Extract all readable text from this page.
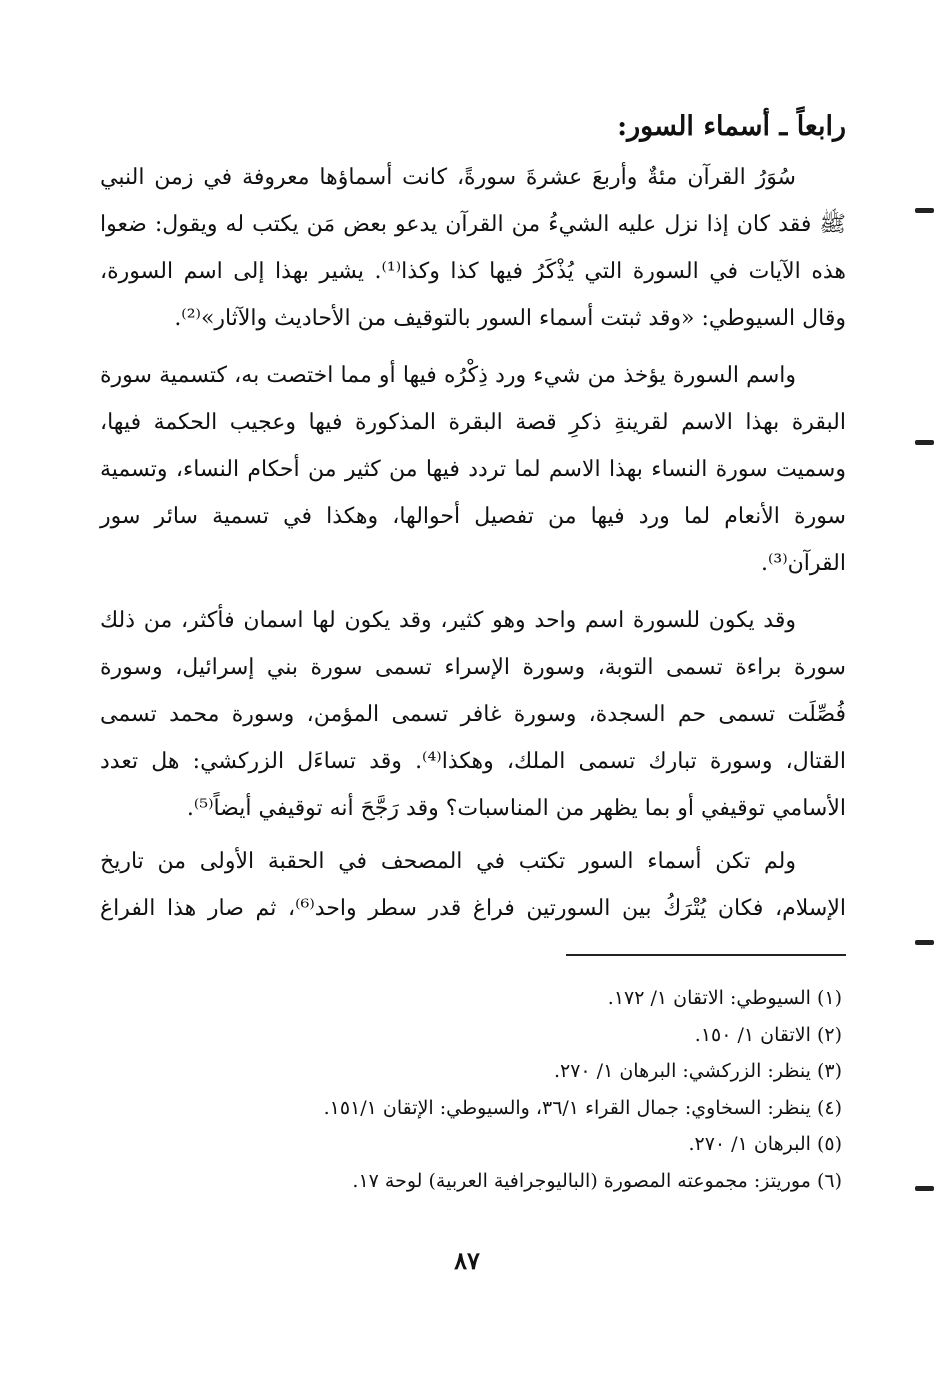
رابعاً ـ أسماء السور:

سُوَرُ القرآن مئةٌ وأربعَ عشرةَ سورةً، كانت أسماؤها معروفة في زمن النبي ﷺ فقد كان إذا نزل عليه الشيءُ من القرآن يدعو بعض مَن يكتب له ويقول: ضعوا هذه الآيات في السورة التي يُذْكَرُ فيها كذا وكذا⁽¹⁾. يشير بهذا إلى اسم السورة، وقال السيوطي: «وقد ثبتت أسماء السور بالتوقيف من الأحاديث والآثار»⁽²⁾.

واسم السورة يؤخذ من شيء ورد ذِكْرُه فيها أو مما اختصت به، كتسمية سورة البقرة بهذا الاسم لقرينةِ ذكرِ قصة البقرة المذكورة فيها وعجيب الحكمة فيها، وسميت سورة النساء بهذا الاسم لما تردد فيها من كثير من أحكام النساء، وتسمية سورة الأنعام لما ورد فيها من تفصيل أحوالها، وهكذا في تسمية سائر سور القرآن⁽³⁾.

وقد يكون للسورة اسم واحد وهو كثير، وقد يكون لها اسمان فأكثر، من ذلك سورة براءة تسمى التوبة، وسورة الإسراء تسمى سورة بني إسرائيل، وسورة فُصِّلَت تسمى حم السجدة، وسورة غافر تسمى المؤمن، وسورة محمد تسمى القتال، وسورة تبارك تسمى الملك، وهكذا⁽⁴⁾. وقد تساءَل الزركشي: هل تعدد الأسامي توقيفي أو بما يظهر من المناسبات؟ وقد رَجَّحَ أنه توقيفي أيضاً⁽⁵⁾.

ولم تكن أسماء السور تكتب في المصحف في الحقبة الأولى من تاريخ الإسلام، فكان يُتْرَكُ بين السورتين فراغ قدر سطر واحد⁽⁶⁾، ثم صار هذا الفراغ

(١) السيوطي: الاتقان ١/ ١٧٢.
(٢) الاتقان ١/ ١٥٠.
(٣) ينظر: الزركشي: البرهان ١/ ٢٧٠.
(٤) ينظر: السخاوي: جمال القراء ٣٦/١، والسيوطي: الإتقان ١٥١/١.
(٥) البرهان ١/ ٢٧٠.
(٦) موريتز: مجموعته المصورة (الباليوجرافية العربية) لوحة ١٧.
٨٧
